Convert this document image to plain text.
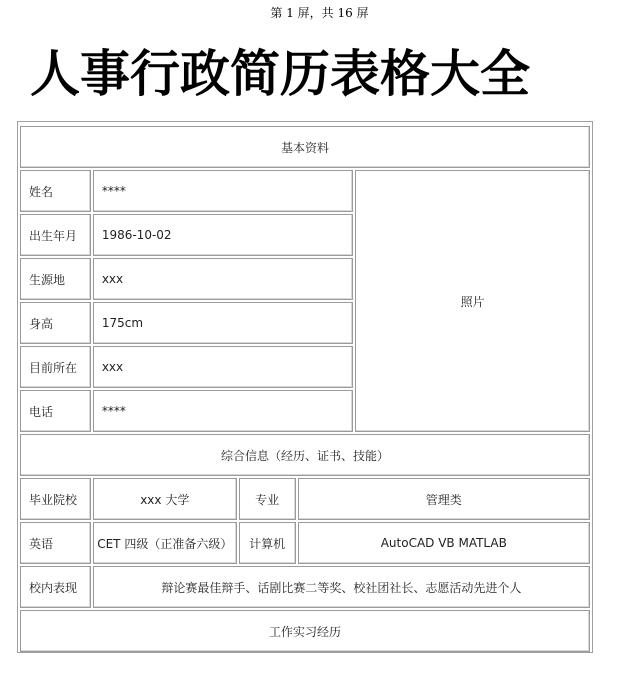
第 1 屏，共 16 屏
人事行政简历表格大全
基本资料				
姓名	****			照片
出生年月	1986-10-02			
生源地	xxx			
身高	175cm			
目前所在	xxx			
电话	****			
综合信息（经历、证书、技能）				
毕业院校	xxx 大学	专业	管理类	
英语	CET 四级（正准备六级）	计算机	AutoCAD VB MATLAB	
校内表现	辩论赛最佳辩手、话剧比赛二等奖、校社团社长、志愿活动先进个人			
工作实习经历				
